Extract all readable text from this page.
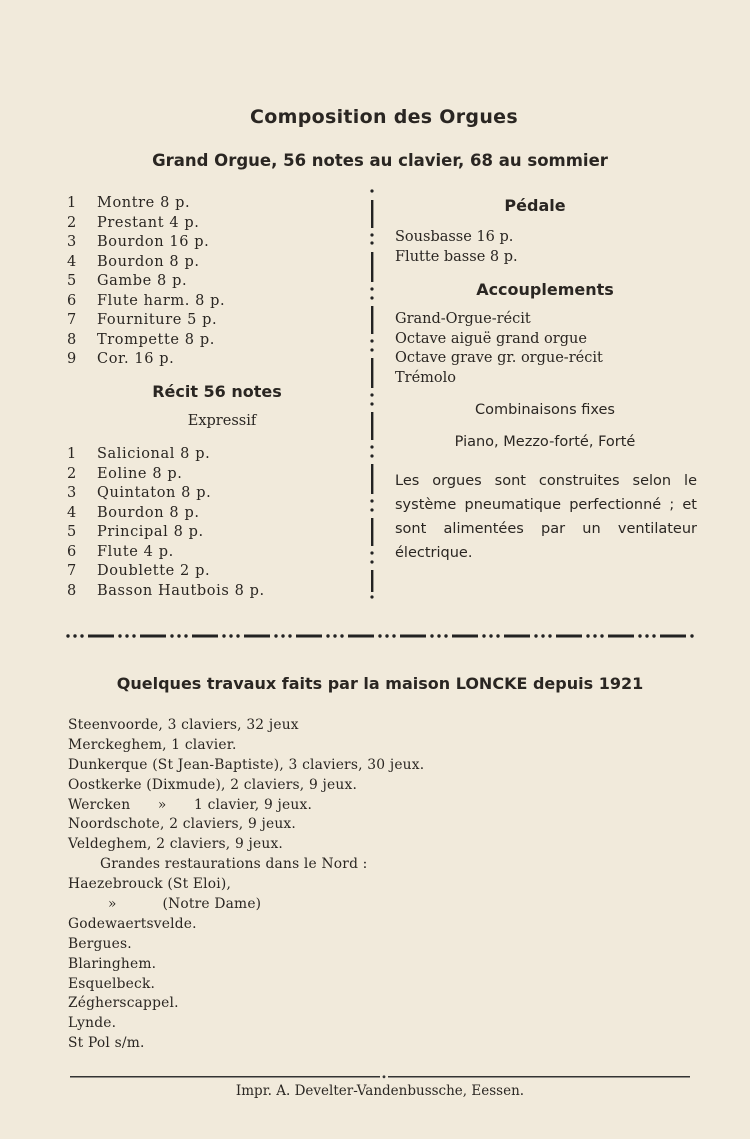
Composition des Orgues
Grand Orgue, 56 notes au clavier, 68 au sommier
1 Montre 8 p.
2 Prestant 4 p.
3 Bourdon 16 p.
4 Bourdon 8 p.
5 Gambe 8 p.
6 Flute harm. 8 p.
7 Fourniture 5 p.
8 Trompette 8 p.
9 Cor. 16 p.
Récit 56 notes
Expressif
1 Salicional 8 p.
2 Eoline 8 p.
3 Quintaton 8 p.
4 Bourdon 8 p.
5 Principal 8 p.
6 Flute 4 p.
7 Doublette 2 p.
8 Basson Hautbois 8 p.
Pédale
Sousbasse 16 p.
Flutte basse 8 p.
Accouplements
Grand-Orgue-récit
Octave aiguë grand orgue
Octave grave gr. orgue-récit
Trémolo
Combinaisons fixes
Piano, Mezzo-forté, Forté

Les orgues sont construites selon le système pneumatique perfectionné ; et sont alimentées par un ventilateur électrique.

Quelques travaux faits par la maison LONCKE depuis 1921
Steenvoorde, 3 claviers, 32 jeux
Merckeghem, 1 clavier.
Dunkerque (St Jean-Baptiste), 3 claviers, 30 jeux.
Oostkerke (Dixmude), 2 claviers, 9 jeux.
Wercken      »      1 clavier, 9 jeux.
Noordschote, 2 claviers, 9 jeux.
Veldeghem, 2 claviers, 9 jeux.
Grandes restaurations dans le Nord :
Haezebrouck (St Eloi),
»          (Notre Dame)
Godewaertsvelde.
Bergues.
Blaringhem.
Esquelbeck.
Zégherscappel.
Lynde.
St Pol s/m.
Impr. A. Develter-Vandenbussche, Eessen.
